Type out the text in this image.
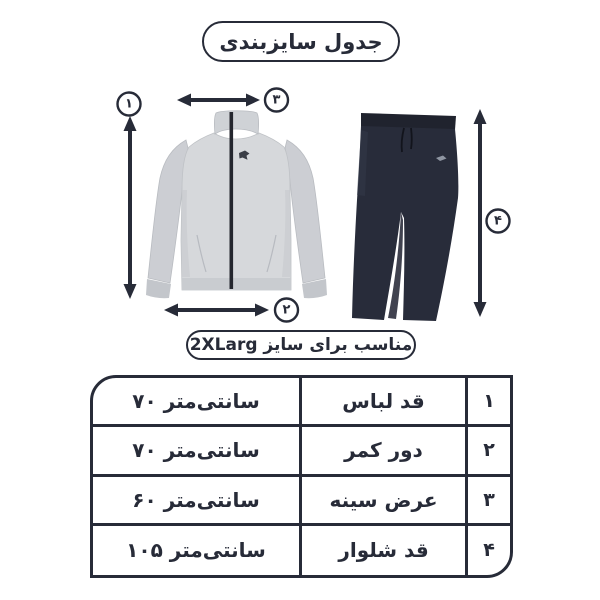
جدول سایزبندی
۱	۳
۲
۴
مناسب برای سایز 2XLarg
۷۰ سانتی‌متر	قد لباس	۱
۷۰ سانتی‌متر	دور کمر	۲
۶۰ سانتی‌متر	عرض سینه	۳
۱۰۵ سانتی‌متر	قد شلوار	۴
